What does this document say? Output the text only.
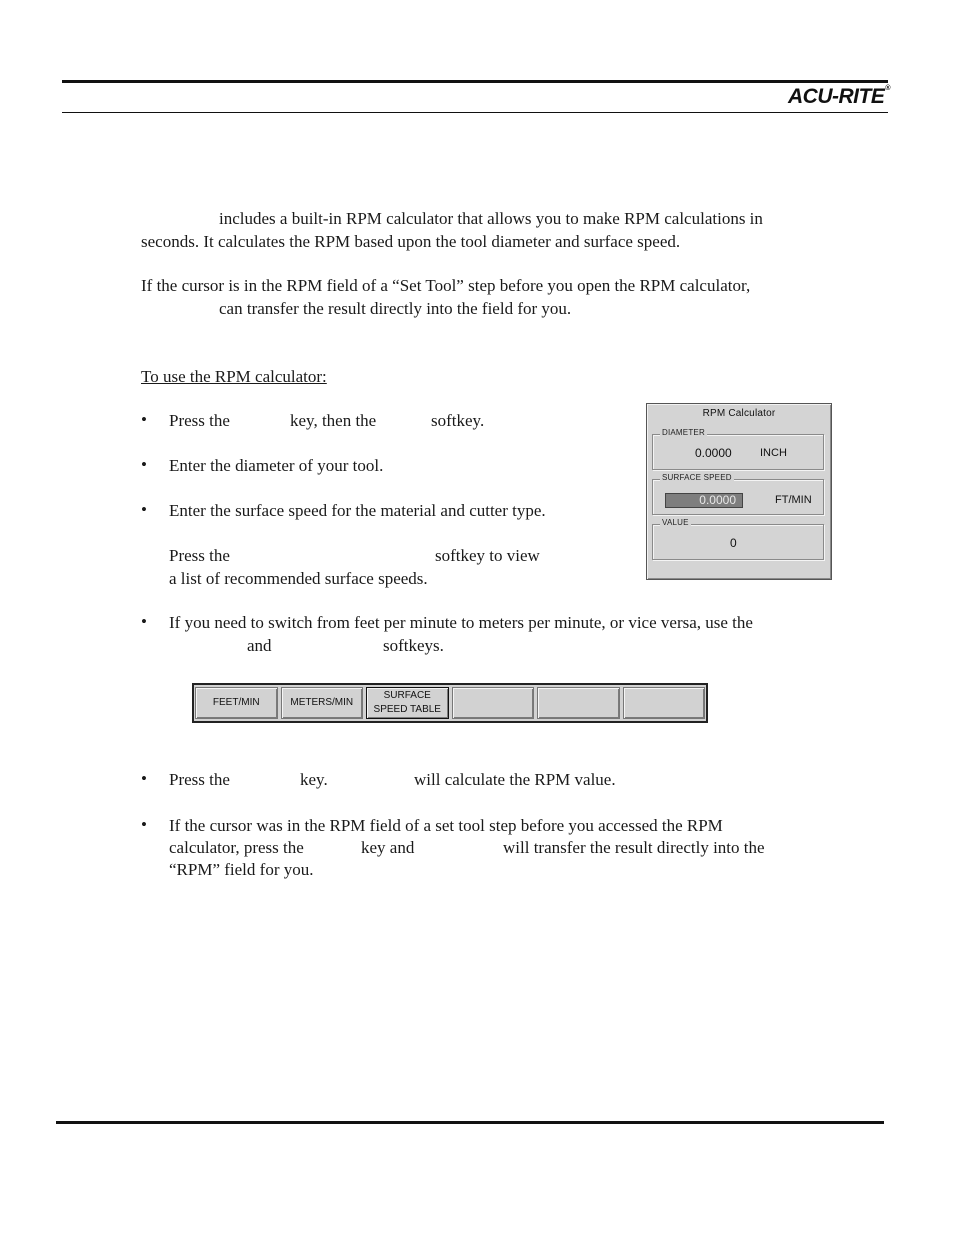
ACU-RITE®
includes a built-in RPM calculator that allows you to make RPM calculations in
seconds. It calculates the RPM based upon the tool diameter and surface speed.
If the cursor is in the RPM field of a “Set Tool” step before you open the RPM calculator,
can transfer the result directly into the field for you.
To use the RPM calculator:
• Press the	key, then the	softkey.
• Enter the diameter of your tool.
• Enter the surface speed for the material and cutter type.
Press the	softkey to view
a list of recommended surface speeds.
RPM Calculator
DIAMETER
0.0000	INCH
SURFACE SPEED
0.0000	FT/MIN
VALUE
0
• If you need to switch from feet per minute to meters per minute, or vice versa, use the
and	softkeys.
FEET/MIN	METERS/MIN
SURFACE
SPEED TABLE
• Press the	key.	will calculate the RPM value.
• If the cursor was in the RPM field of a set tool step before you accessed the RPM
calculator, press the	key and	will transfer the result directly into the
“RPM” field for you.
